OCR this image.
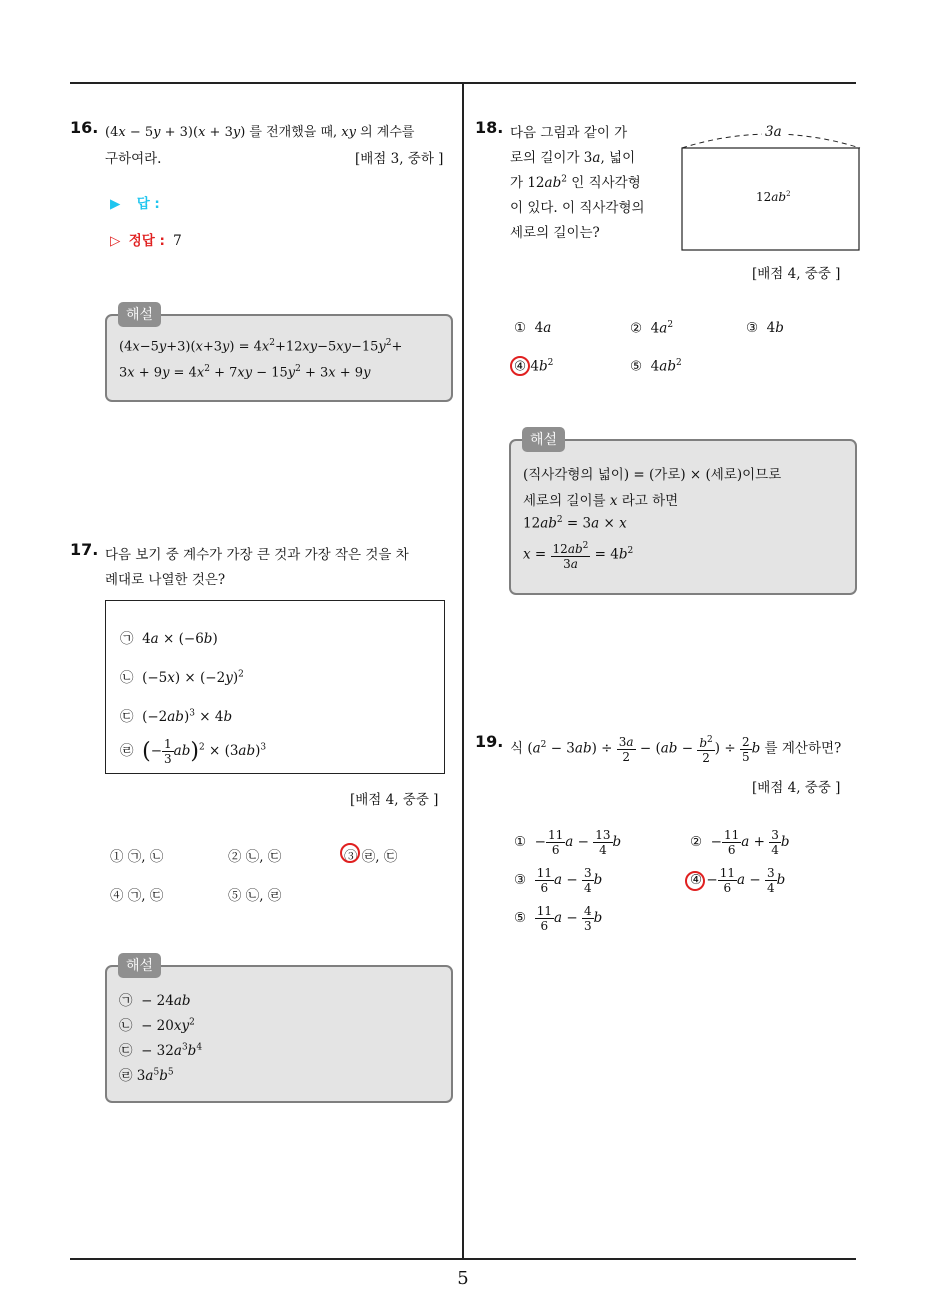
16. (4x − 5y + 3)(x + 3y) 를 전개했을 때, xy 의 계수를
구하여라.	[배점 3, 중하 ]
▶ 답 :
▷ 정답 : 7
$(4x-5y+3)(x+3y) = 4x^2+12xy-5xy-15y^2+$
$3x + 9y = 4x^2 + 7xy - 15y^2 + 3x + 9y$
해설
17. 다음 보기 중 계수가 가장 큰 것과 가장 작은 것을 차
례대로 나열한 것은?
㉠  4a × (−6b)
㉡  $(-5x) \times (-2y)^2$
㉢  $(-2ab)^3 \times 4b$
㉣  (− $\frac{1}{3} ab)^2 \times (3ab)^3$
[배점 4, 중중 ]
① ㉠, ㉡	② ㉡, ㉢	③ ㉣, ㉢
④ ㉠, ㉢	⑤ ㉡, ㉣
㉠  − 24ab
㉡  − $20xy^2$
㉢  − $32a^3b^4$
㉣ $3a^5b^5$
해설
18. 다음 그림과 같이 가
로의 길이가 3a, 넓이
가 $12ab^2$ 인 직사각형
이 있다. 이 직사각형의
세로의 길이는?
3a
$12ab^2$
[배점 4, 중중 ]
①  4a	②  $4a^2$	③  4b
④ $4b^2$	⑤  $4ab^2$
(직사각형의 넓이) = (가로) × (세로)이므로
세로의 길이를 x 라고 하면
$12ab^2 = 3a \times x$
$x = \frac{12ab^2}{3a} = 4b^2$
해설
19. 식 $(a^2 - 3ab) \div \frac{3a}{2} - (ab - \frac{b^2}{2}$ ) ÷ $\frac{2}{5}$ b 를 계산하면?
[배점 4, 중중 ]
①  − $\frac{11}{6}$ $a - \frac{13}{4}$ b	②  − $\frac{11}{6}$ $a + \frac{3}{4}$ b
③ $\frac{11}{6}$ $a - \frac{3}{4}$ b	④ − $\frac{11}{6}$ $a - \frac{3}{4}$ b
⑤ $\frac{11}{6}$ $a - \frac{4}{3}$ b
5
